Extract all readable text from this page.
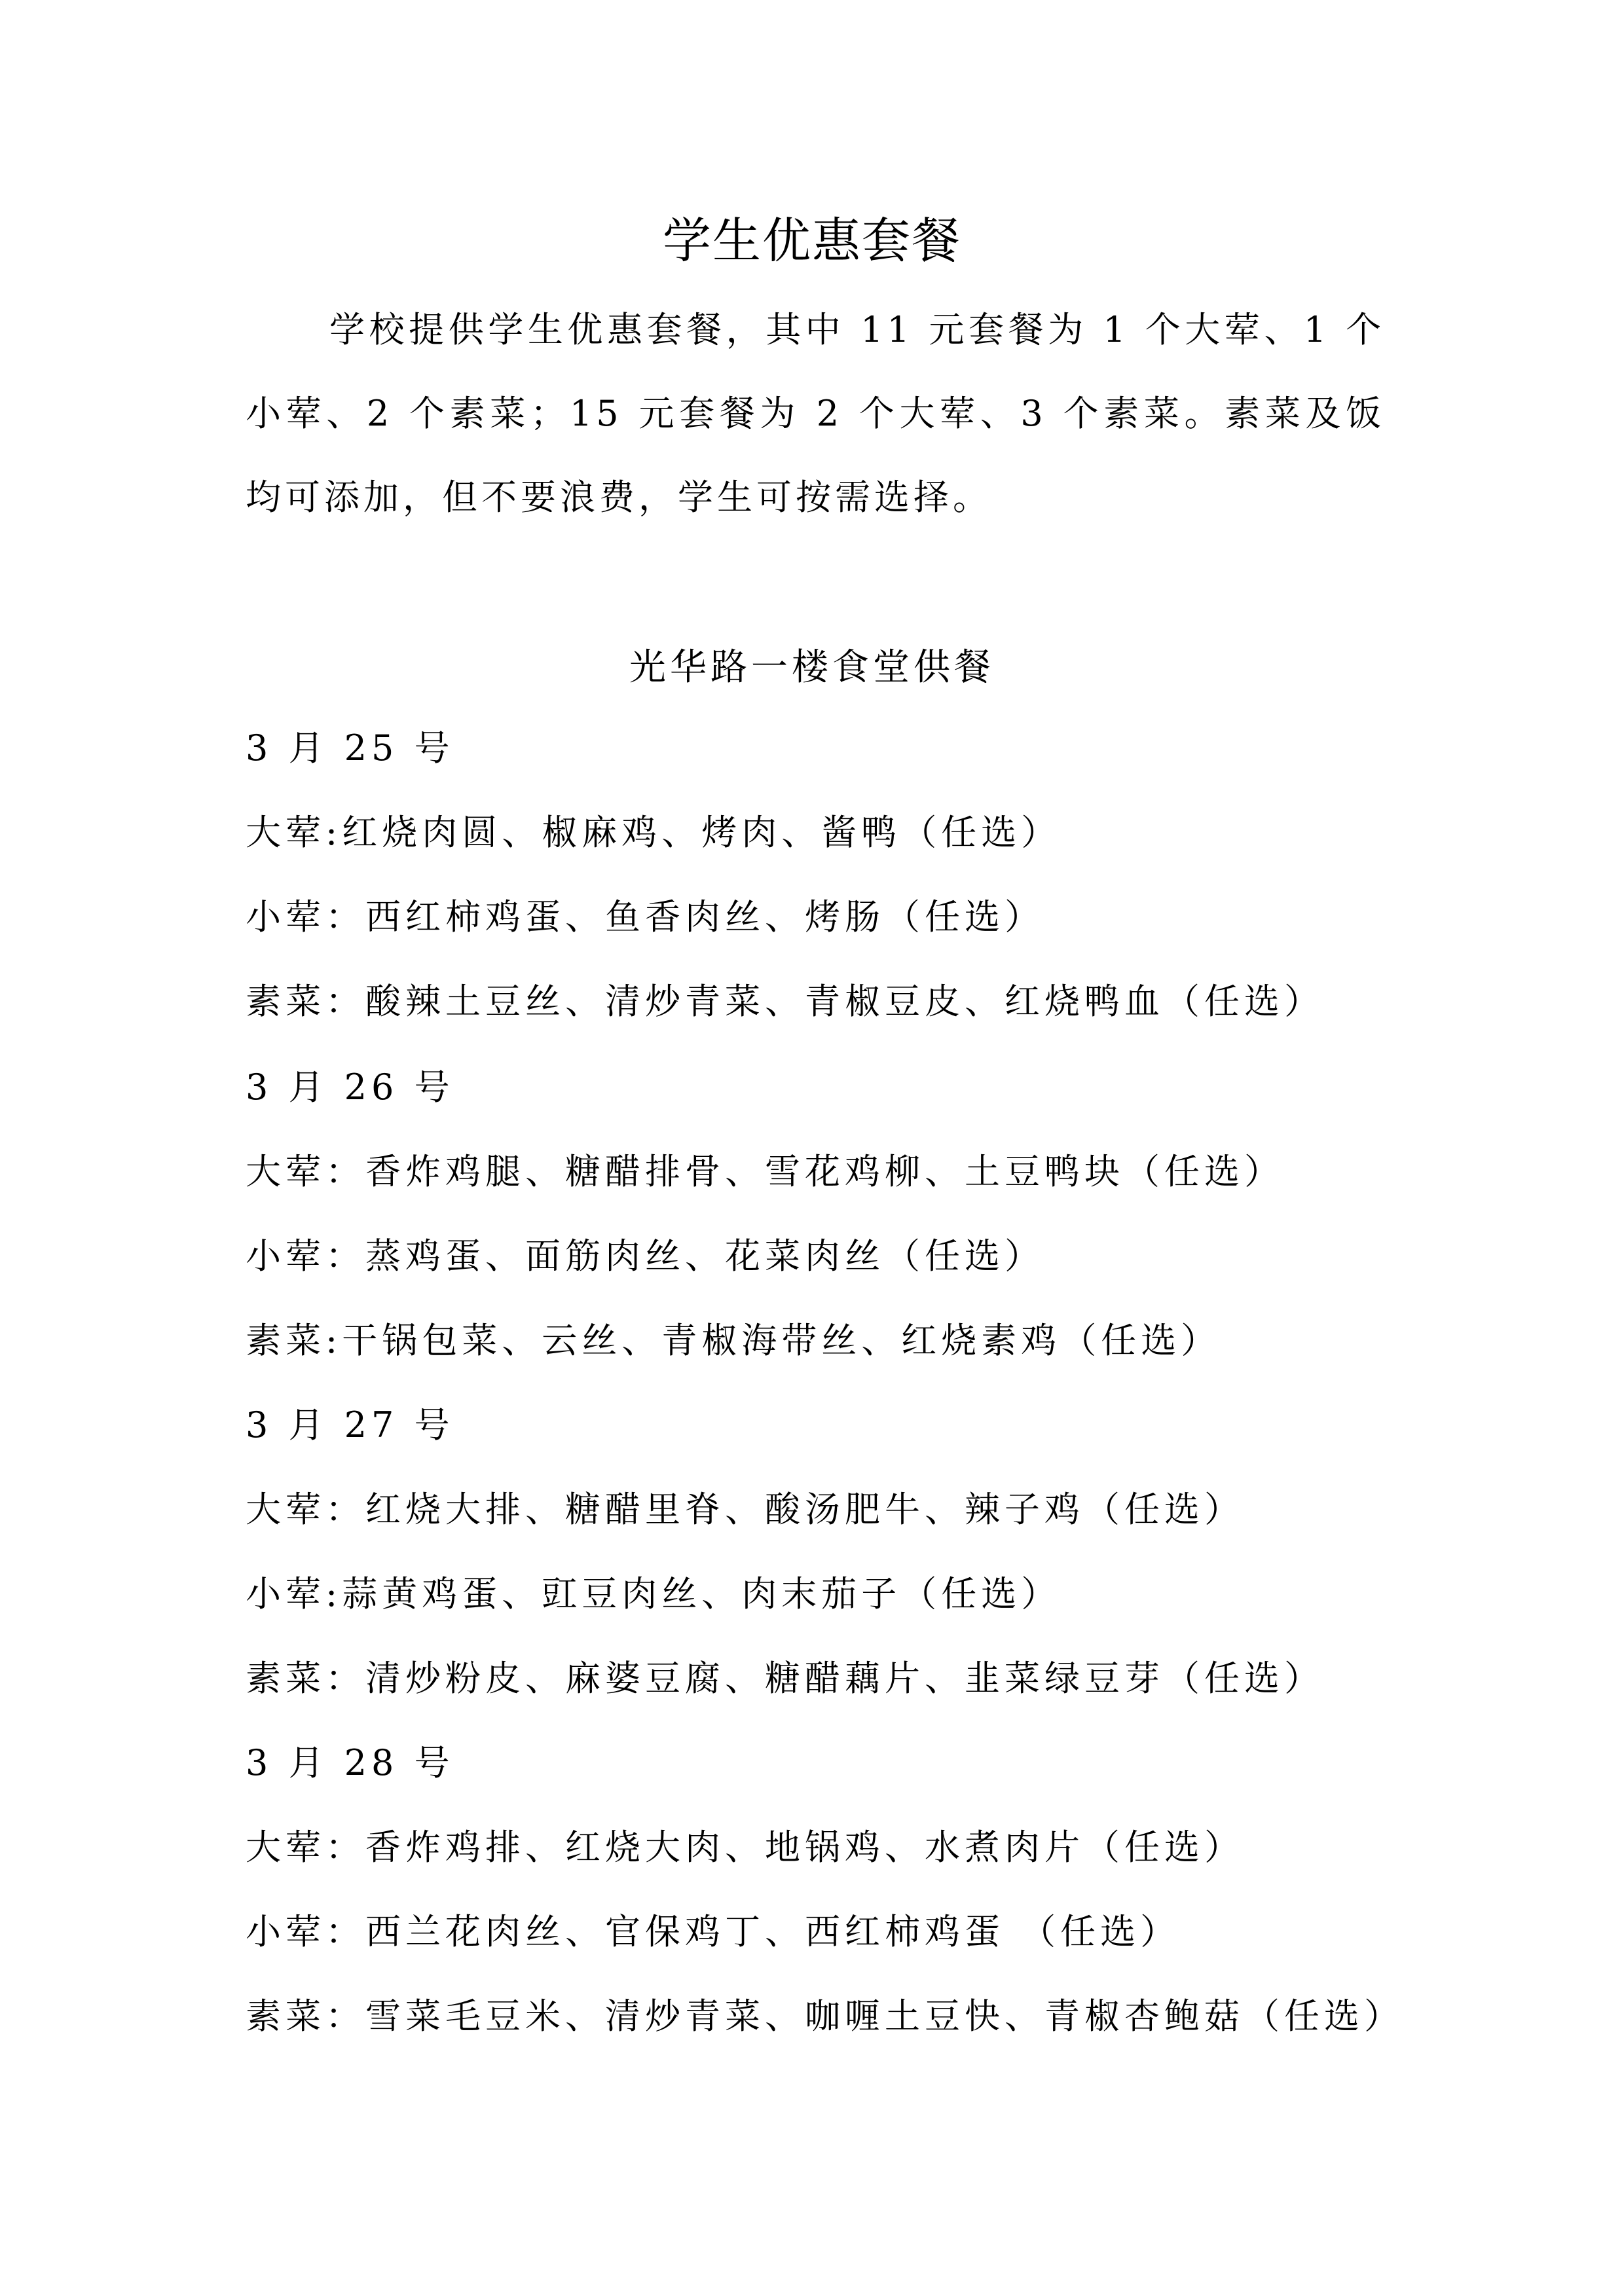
学生优惠套餐
学校提供学生优惠套餐，其中 11 元套餐为 1 个大荤、1 个小荤、2 个素菜；15 元套餐为 2 个大荤、3 个素菜。素菜及饭均可添加，但不要浪费，学生可按需选择。
光华路一楼食堂供餐
3 月 25 号
大荤:红烧肉圆、椒麻鸡、烤肉、酱鸭（任选）
小荤：西红柿鸡蛋、鱼香肉丝、烤肠（任选）
素菜：酸辣土豆丝、清炒青菜、青椒豆皮、红烧鸭血（任选）
3 月 26 号
大荤：香炸鸡腿、糖醋排骨、雪花鸡柳、土豆鸭块（任选）
小荤：蒸鸡蛋、面筋肉丝、花菜肉丝（任选）
素菜:干锅包菜、云丝、青椒海带丝、红烧素鸡（任选）
3 月 27 号
大荤：红烧大排、糖醋里脊、酸汤肥牛、辣子鸡（任选）
小荤:蒜黄鸡蛋、豇豆肉丝、肉末茄子（任选）
素菜：清炒粉皮、麻婆豆腐、糖醋藕片、韭菜绿豆芽（任选）
3 月 28 号
大荤：香炸鸡排、红烧大肉、地锅鸡、水煮肉片（任选）
小荤：西兰花肉丝、官保鸡丁、西红柿鸡蛋 （任选）
素菜：雪菜毛豆米、清炒青菜、咖喱土豆快、青椒杏鲍菇（任选）
